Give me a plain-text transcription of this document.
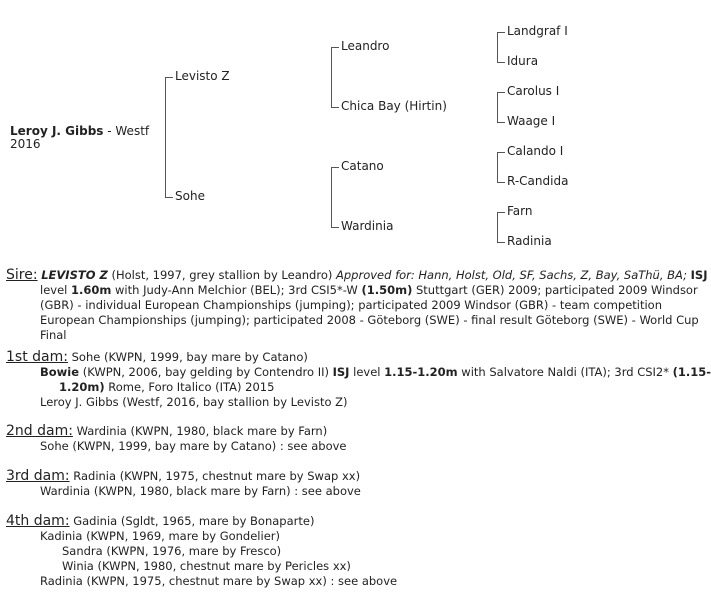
Leroy J. Gibbs - Westf
2016
Levisto Z
Sohe
Leandro
Chica Bay (Hirtin)
Catano
Wardinia
Landgraf I
Idura
Carolus I
Waage I
Calando I
R-Candida
Farn
Radinia
Sire: LEVISTO Z (Holst, 1997, grey stallion by Leandro) Approved for: Hann, Holst, Old, SF, Sachs, Z, Bay, SaThü, BA; ISJ
level 1.60m with Judy-Ann Melchior (BEL); 3rd CSI5*-W (1.50m) Stuttgart (GER) 2009; participated 2009 Windsor
(GBR) - individual European Championships (jumping); participated 2009 Windsor (GBR) - team competition
European Championships (jumping); participated 2008 - Göteborg (SWE) - final result Göteborg (SWE) - World Cup
Final
1st dam: Sohe (KWPN, 1999, bay mare by Catano)
Bowie (KWPN, 2006, bay gelding by Contendro II) ISJ level 1.15-1.20m with Salvatore Naldi (ITA); 3rd CSI2* (1.15-
1.20m) Rome, Foro Italico (ITA) 2015
Leroy J. Gibbs (Westf, 2016, bay stallion by Levisto Z)
2nd dam: Wardinia (KWPN, 1980, black mare by Farn)
Sohe (KWPN, 1999, bay mare by Catano) : see above
3rd dam: Radinia (KWPN, 1975, chestnut mare by Swap xx)
Wardinia (KWPN, 1980, black mare by Farn) : see above
4th dam: Gadinia (Sgldt, 1965, mare by Bonaparte)
Kadinia (KWPN, 1969, mare by Gondelier)
Sandra (KWPN, 1976, mare by Fresco)
Winia (KWPN, 1980, chestnut mare by Pericles xx)
Radinia (KWPN, 1975, chestnut mare by Swap xx) : see above
